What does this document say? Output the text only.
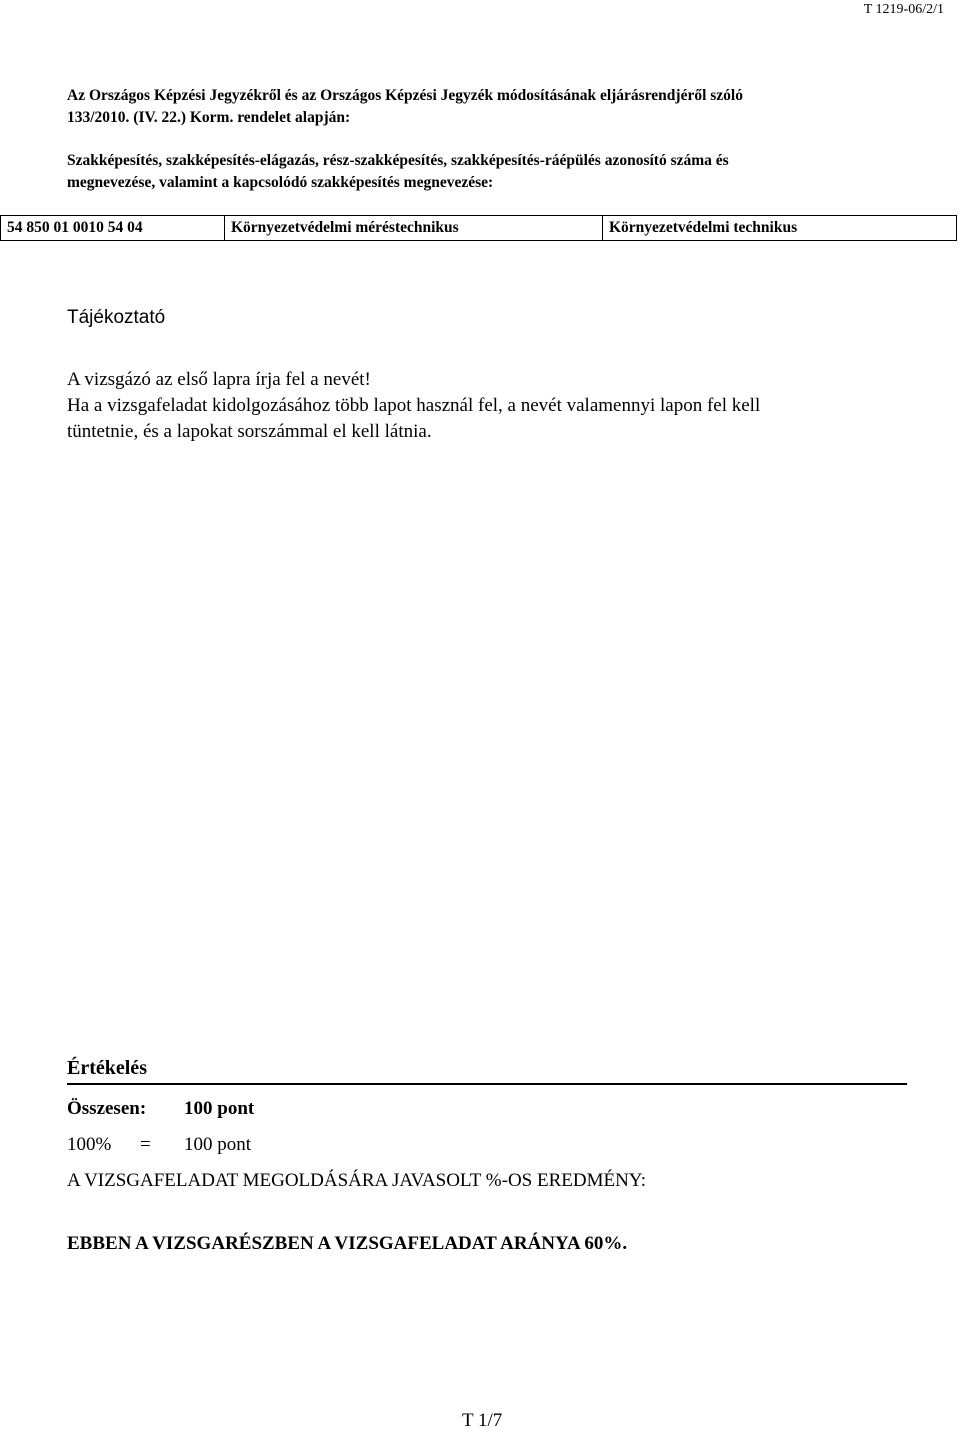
T 1219-06/2/1
Az Országos Képzési Jegyzékről és az Országos Képzési Jegyzék módosításának eljárásrendjéről szóló
133/2010. (IV. 22.) Korm. rendelet alapján:
Szakképesítés, szakképesítés-elágazás, rész-szakképesítés, szakképesítés-ráépülés azonosító száma és
megnevezése, valamint a kapcsolódó szakképesítés megnevezése:
54 850 01 0010 54 04	Környezetvédelmi méréstechnikus	Környezetvédelmi technikus
Tájékoztató
A vizsgázó az első lapra írja fel a nevét!
Ha a vizsgafeladat kidolgozásához több lapot használ fel, a nevét valamennyi lapon fel kell
tüntetnie, és a lapokat sorszámmal el kell látnia.
Értékelés
Összesen:	100 pont
100%	= 100 pont
A VIZSGAFELADAT MEGOLDÁSÁRA JAVASOLT %-OS EREDMÉNY:
EBBEN A VIZSGARÉSZBEN A VIZSGAFELADAT ARÁNYA 60%.
T 1/7
